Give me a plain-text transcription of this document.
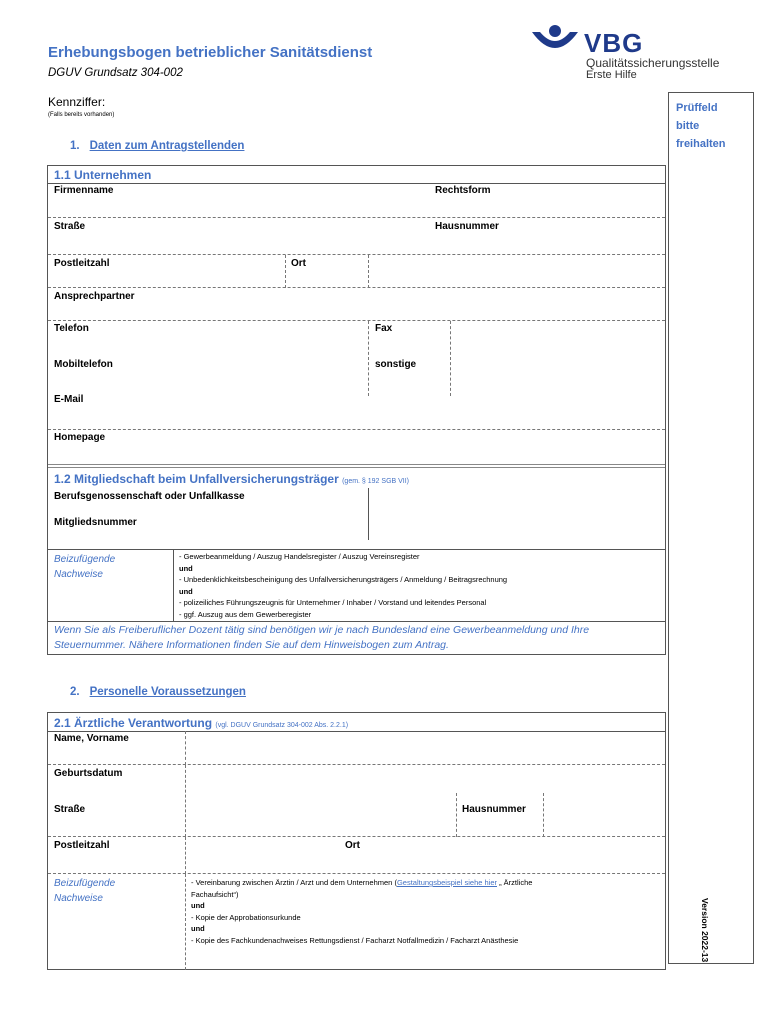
Erhebungsbogen betrieblicher Sanitätsdienst
DGUV Grundsatz 304-002
Kennziffer:
(Falls bereits vorhanden)
VBG
Qualitätssicherungsstelle
Erste Hilfe
Prüffeld bitte freihalten
Version 2022-13
1. Daten zum Antragstellenden
1.1 Unternehmen
Firmenname	Rechtsform
Straße	Hausnummer
Postleitzahl	Ort
Ansprechpartner
Telefon	Fax
Mobiltelefon	sonstige
E-Mail
Homepage
1.2 Mitgliedschaft beim Unfallversicherungsträger (gem. § 192 SGB VII)
Berufsgenossenschaft oder Unfallkasse
Mitgliedsnummer
Beizufügende
Nachweise
- Gewerbeanmeldung / Auszug Handelsregister / Auszug Vereinsregister
und
- Unbedenklichkeitsbescheinigung des Unfallversicherungsträgers / Anmeldung / Beitragsrechnung
und
- polizeiliches Führungszeugnis für Unternehmer / Inhaber / Vorstand und leitendes Personal
- ggf. Auszug aus dem Gewerberegister
Wenn Sie als Freiberuflicher Dozent tätig sind benötigen wir je nach Bundesland eine Gewerbeanmeldung und Ihre
Steuernummer. Nähere Informationen finden Sie auf dem Hinweisbogen zum Antrag.
2. Personelle Voraussetzungen
2.1 Ärztliche Verantwortung (vgl. DGUV Grundsatz 304-002 Abs. 2.2.1)
Name, Vorname
Geburtsdatum
Straße	Hausnummer
Postleitzahl	Ort
Beizufügende
Nachweise
- Vereinbarung zwischen Ärztin / Arzt und dem Unternehmen (Gestaltungsbeispiel siehe hier „ Ärztliche
Fachaufsicht“)
und
- Kopie der Approbationsurkunde
und
- Kopie des Fachkundenachweises Rettungsdienst / Facharzt Notfallmedizin / Facharzt Anästhesie
